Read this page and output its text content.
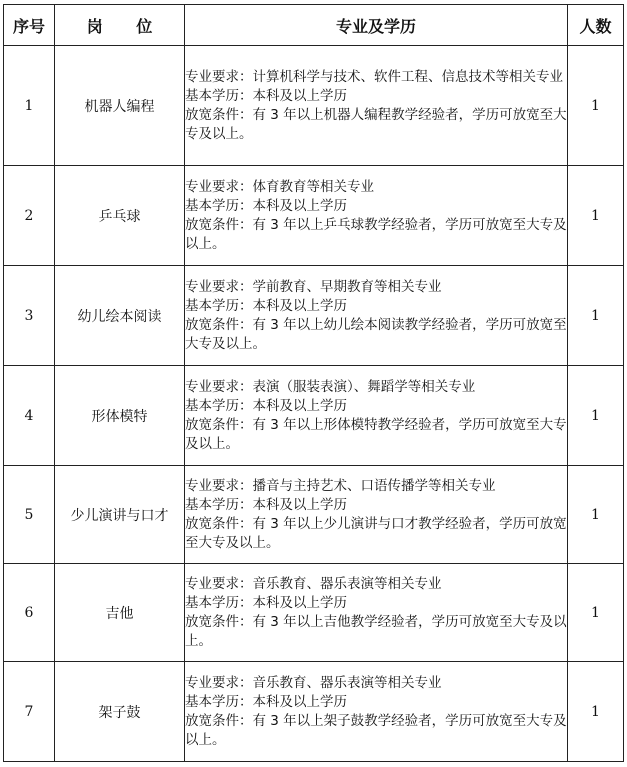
序号	岗 位	专业及学历	人数
1	机器人编程	专业要求：计算机科学与技术、软件工程、信息技术等相关专业
基本学历：本科及以上学历
放宽条件：有 3 年以上机器人编程教学经验者，学历可放宽至大专及以上。	1
2	乒乓球	专业要求：体育教育等相关专业
基本学历：本科及以上学历
放宽条件：有 3 年以上乒乓球教学经验者，学历可放宽至大专及以上。	1
3	幼儿绘本阅读	专业要求：学前教育、早期教育等相关专业
基本学历：本科及以上学历
放宽条件：有 3 年以上幼儿绘本阅读教学经验者，学历可放宽至大专及以上。	1
4	形体模特	专业要求：表演（服装表演）、舞蹈学等相关专业
基本学历：本科及以上学历
放宽条件：有 3 年以上形体模特教学经验者，学历可放宽至大专及以上。	1
5	少儿演讲与口才	专业要求：播音与主持艺术、口语传播学等相关专业
基本学历：本科及以上学历
放宽条件：有 3 年以上少儿演讲与口才教学经验者，学历可放宽至大专及以上。	1
6	吉他	专业要求：音乐教育、器乐表演等相关专业
基本学历：本科及以上学历
放宽条件：有 3 年以上吉他教学经验者，学历可放宽至大专及以上。	1
7	架子鼓	专业要求：音乐教育、器乐表演等相关专业
基本学历：本科及以上学历
放宽条件：有 3 年以上架子鼓教学经验者，学历可放宽至大专及以上。	1
